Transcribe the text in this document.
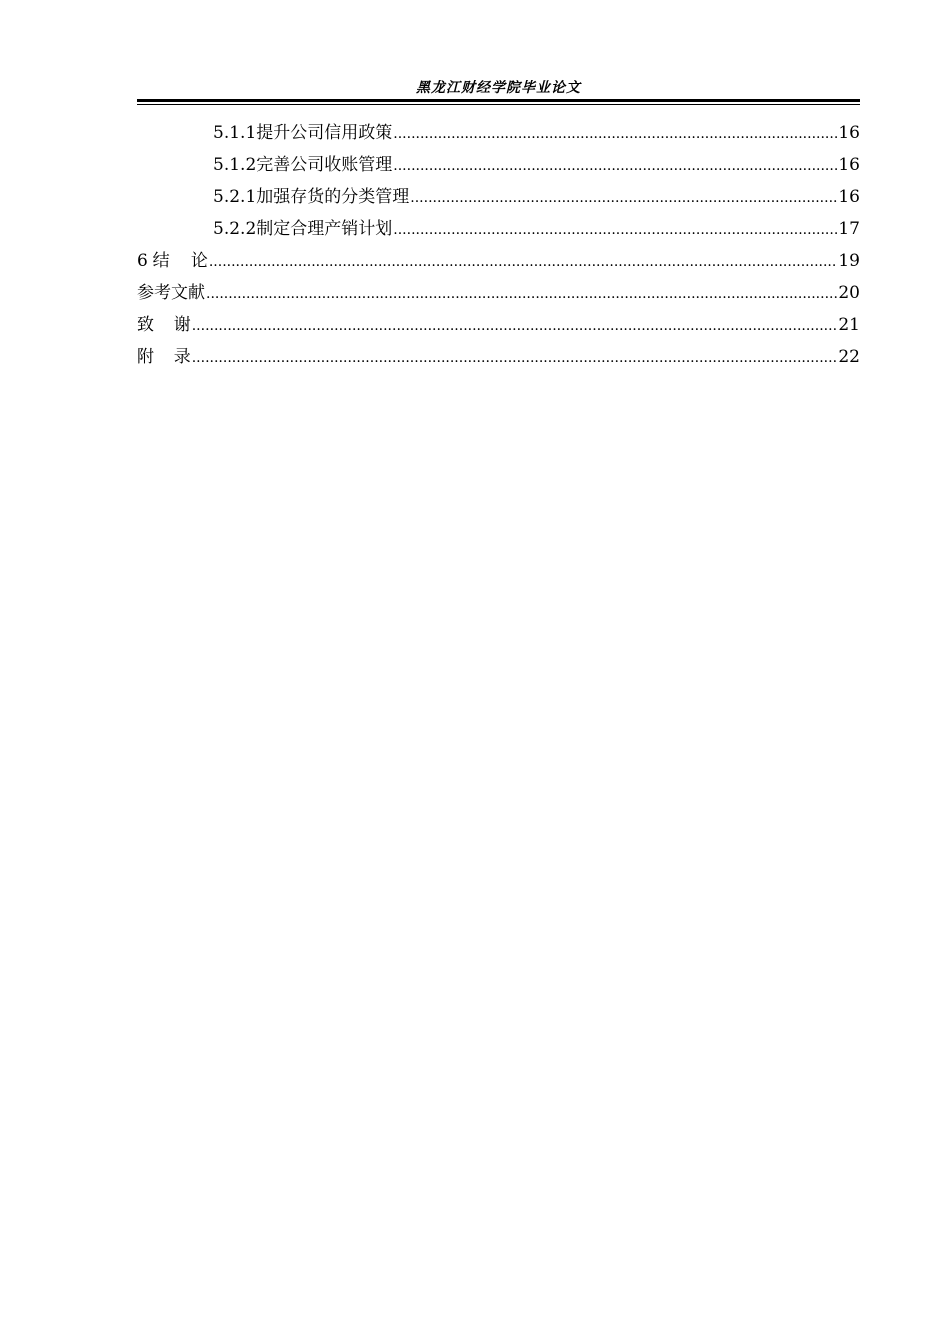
黑龙江财经学院毕业论文
5.1.1 提升公司信用政策 .....	16
5.1.2 完善公司收账管理 .....	16
5.2.1 加强存货的分类管理 .....	16
5.2.2 制定合理产销计划 .....	17
6 结 论 .....	19
参考文献 .....	20
致 谢 .....	21
附 录 .....	22
